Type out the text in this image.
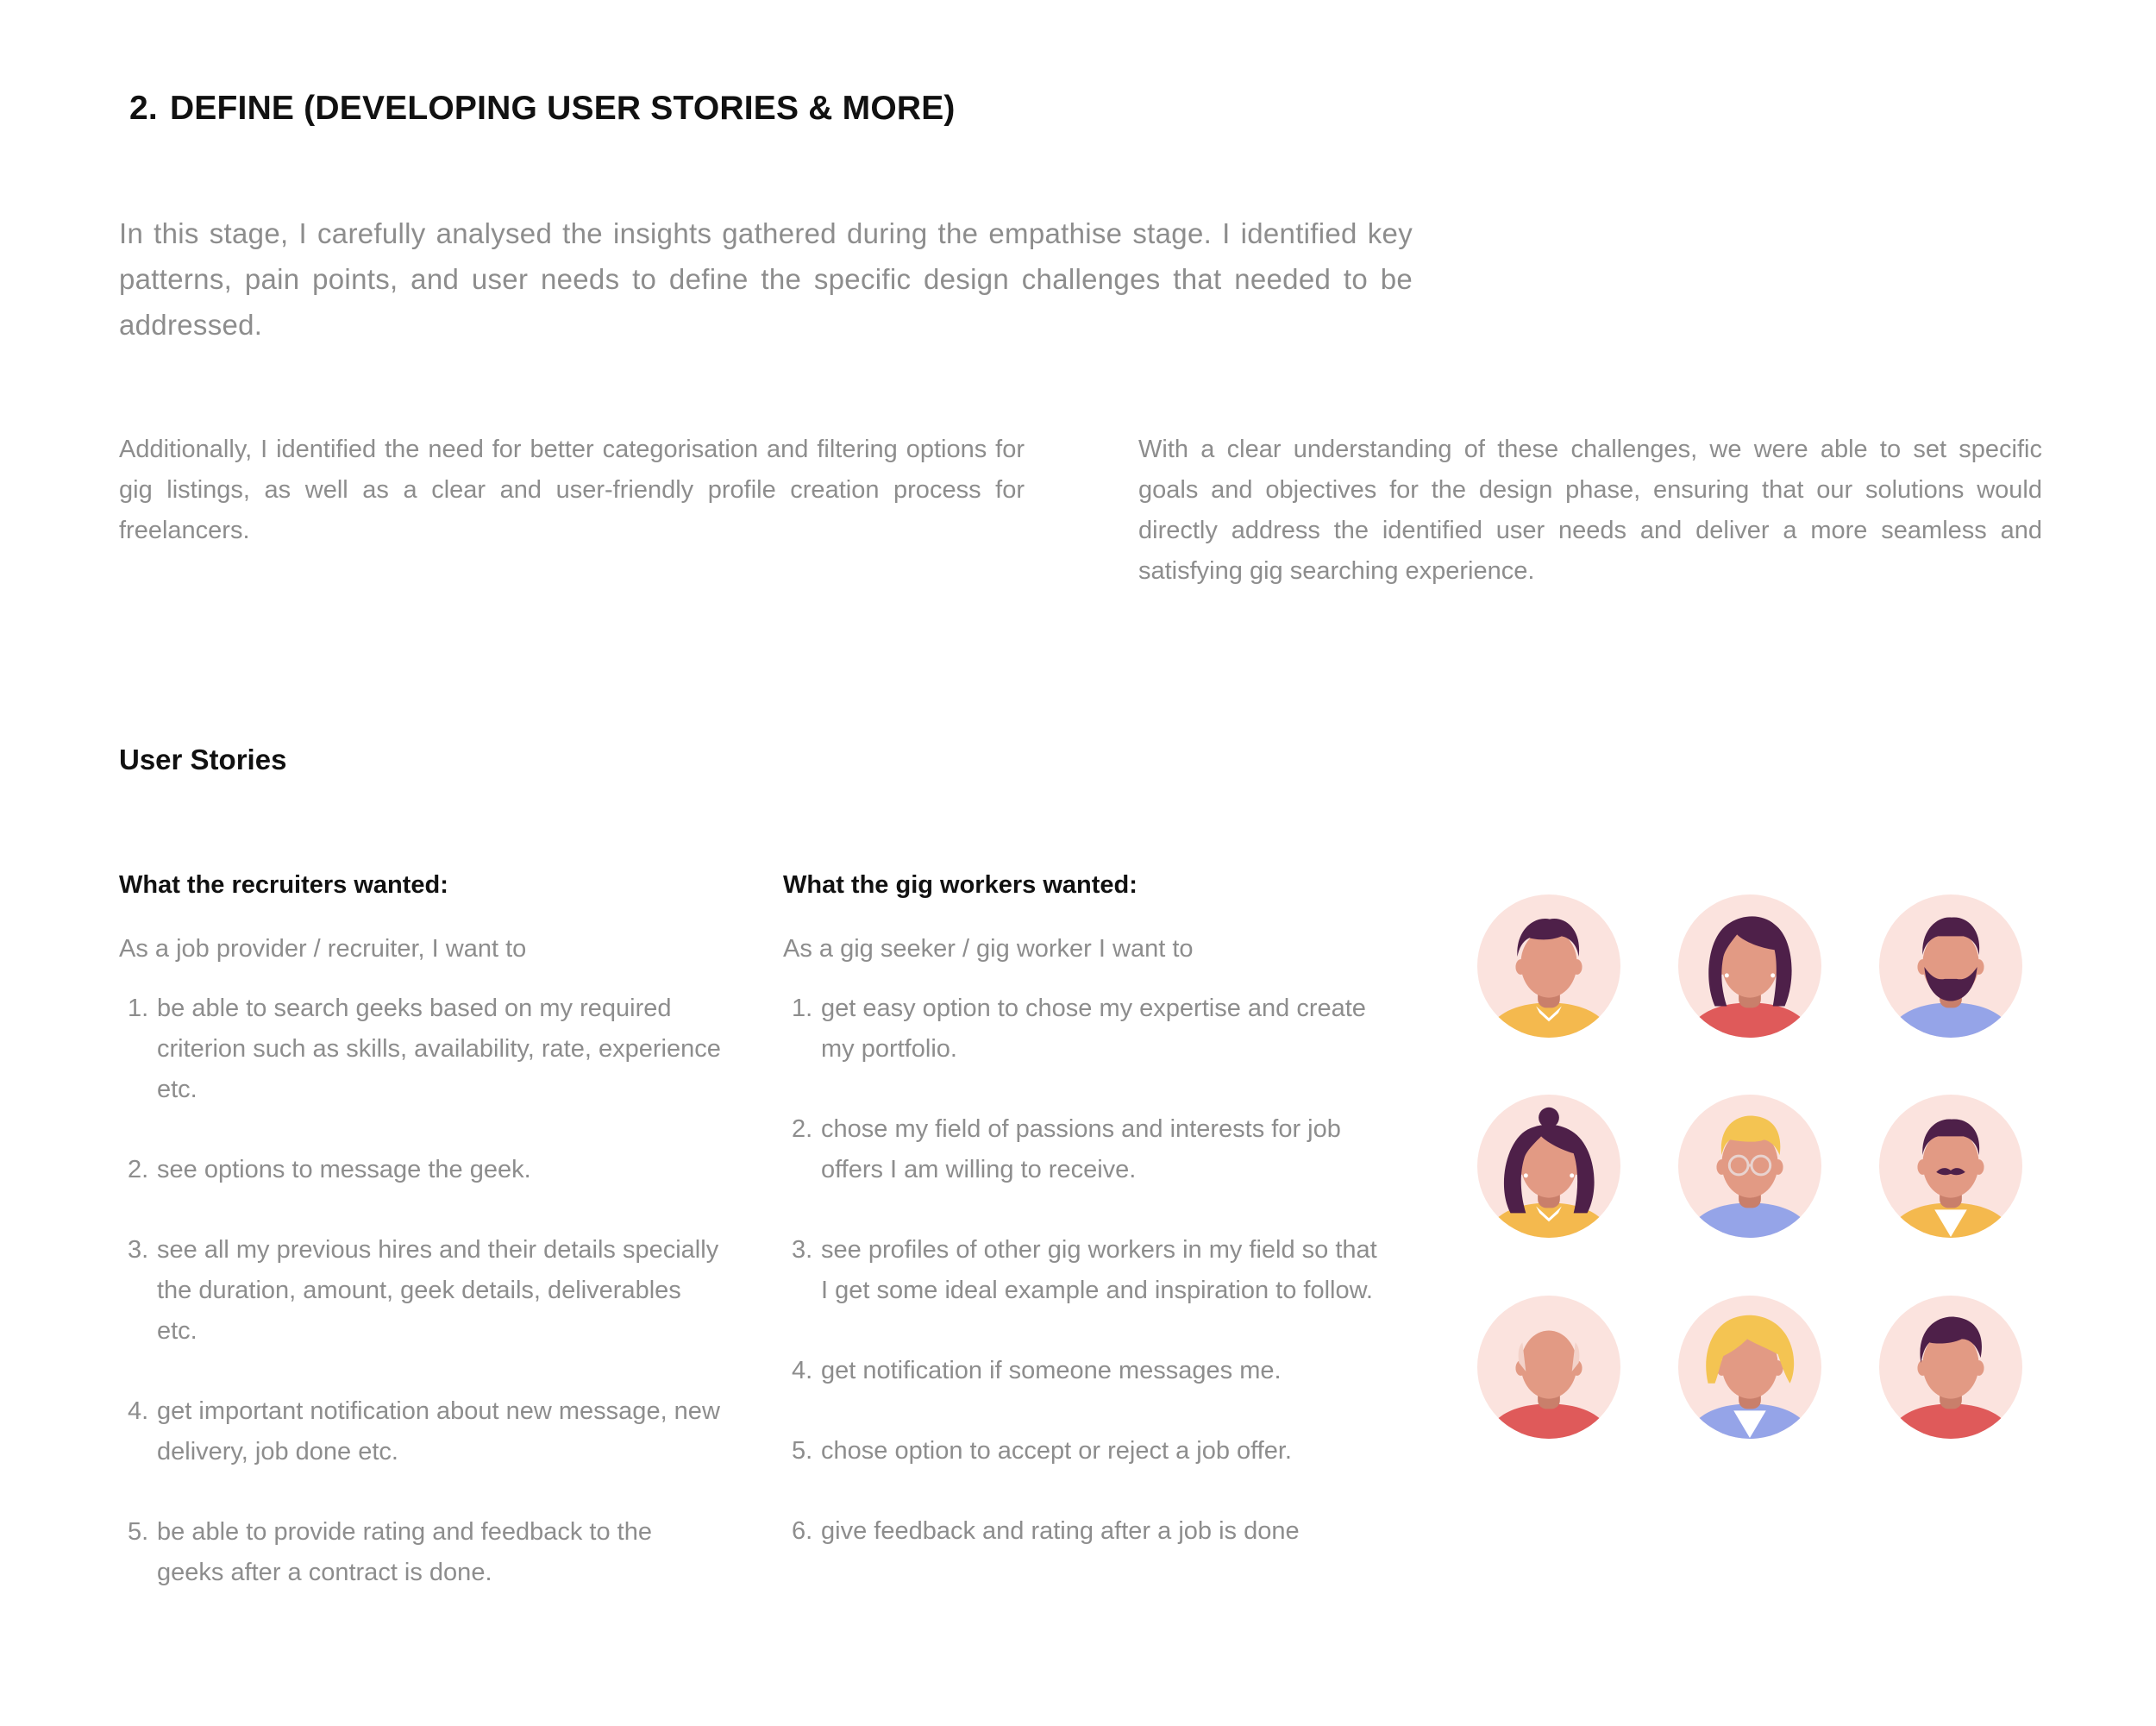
2. DEFINE (DEVELOPING USER STORIES & MORE)

In this stage, I carefully analysed the insights gathered during the empathise stage. I identified key patterns, pain points, and user needs to define the specific design challenges that needed to be addressed.

Additionally, I identified the need for better categorisation and filtering options for gig listings, as well as a clear and user-friendly profile creation process for freelancers.

With a clear understanding of these challenges, we were able to set specific goals and objectives for the design phase, ensuring that our solutions would directly address the identified user needs and deliver a more seamless and satisfying gig searching experience.

User Stories
What the recruiters wanted:

As a job provider / recruiter, I want to

1. be able to search geeks based on my required criterion such as skills, availability, rate, experience etc.
2. see options to message the geek.
3. see all my previous hires and their details specially the duration, amount, geek details, deliverables etc.
4. get important notification about new message, new delivery, job done etc.
5. be able to provide rating and feedback to the geeks after a contract is done.
What the gig workers wanted:

As a gig seeker / gig worker I want to

1. get easy option to chose my expertise and create my portfolio.
2. chose my field of passions and interests for job offers I am willing to receive.
3. see profiles of other gig workers in my field so that I get some ideal example and inspiration to follow.
4. get notification if someone messages me.
5. chose option to accept or reject a job offer.
6. give feedback and rating after a job is done
